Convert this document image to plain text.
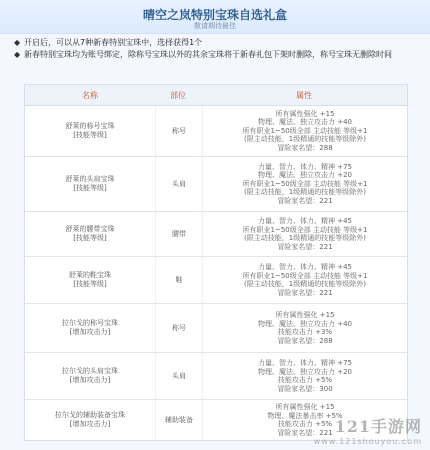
晴空之岚特别宝珠自选礼盒
敬请期待最佳
◆ 开启后，可以从7种新春特别宝珠中，选择获得1个
◆ 新春特别宝珠均为账号绑定，除称号宝珠以外的其余宝珠将于新春礼包下架时删除，称号宝珠无删除时间
名称	部位	属性
舒莱的称号宝珠
[技能等级]
称号
所有属性强化 +15
物理、魔法、独立攻击力 +40
所有职业1~50级全部 主动技能 等级+1
(限主动技能，1级精通的技能等级除外)
冒险家名望：288
舒莱的头肩宝珠
[技能等级]
头肩
力量、智力、体力、精神 +75
物理、魔法、独立攻击力 +20
所有职业1~50级全部 主动技能 等级+1
(限主动技能，1级精通的技能等级除外)
冒险家名望：221
舒莱的腰带宝珠
[技能等级]
腰带
力量、智力、体力、精神 +45
所有职业1~50级全部 主动技能 等级+1
(限主动技能，1级精通的技能等级除外)
冒险家名望：221
舒莱的鞋宝珠
[技能等级]
鞋
力量、智力、体力、精神 +45
所有职业1~50级全部 主动技能 等级+1
(限主动技能，1级精通的技能等级除外)
冒险家名望：221
拉尔戈的称号宝珠
[增加攻击力]
称号
所有属性强化 +15
物理、魔法、独立攻击力 +40
技能攻击力 +3%
冒险家名望：288
拉尔戈的头肩宝珠
[增加攻击力]
头肩
力量、智力、体力、精神 +75
物理、魔法、独立攻击力 +20
技能攻击力 +5%
冒险家名望：300
拉尔戈的辅助装备宝珠
[增加攻击力]
辅助装备
所有属性强化 +15
物理、魔法暴击率 +5%
技能攻击力 +5%
冒险家名望：221 121手游网
www.121shouyou.com
